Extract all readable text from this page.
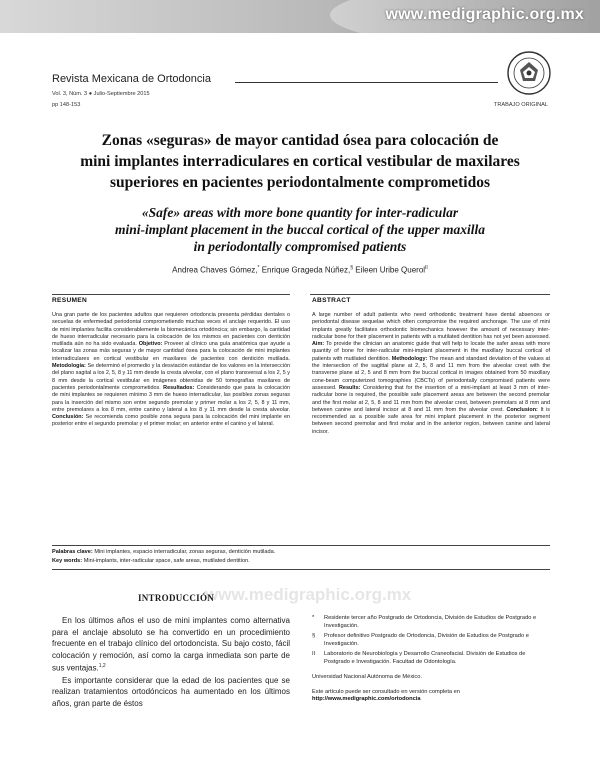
www.medigraphic.org.mx
Revista Mexicana de Ortodoncia
Vol. 3, Núm. 3 ● Julio-Septiembre 2015
pp 148-153	TRABAJO ORIGINAL
Zonas «seguras» de mayor cantidad ósea para colocación de
mini implantes interradiculares en cortical vestibular de maxilares
superiores en pacientes periodontalmente comprometidos
«Safe» areas with more bone quantity for inter-radicular
mini-implant placement in the buccal cortical of the upper maxilla
in periodontally compromised patients
Andrea Chaves Gómez,* Enrique Grageda Núñez,§ Eileen Uribe Querol$^{II}$
RESUMEN	ABSTRACT
Una gran parte de los pacientes adultos que requieren ortodoncia presenta pérdidas dentales o secuelas de enfermedad periodontal comprometiendo muchas veces el anclaje requerido. El uso de mini implantes facilita considerablemente la biomecánica ortodóncica; sin embargo, la cantidad de hueso interradicular necesario para la colocación de los mismos en pacientes con dentición mutilada aún no ha sido evaluada. Objetivo: Proveer al clínico una guía anatómica que ayude a localizar las zonas más seguras y de mayor cantidad ósea para la colocación de mini implantes interradiculares en cortical vestibular en maxilares de pacientes con dentición mutilada. Metodología: Se determinó el promedio y la desviación estándar de los valores en la intersección del plano sagital a los 2, 5, 8 y 11 mm desde la cresta alveolar, con el plano transversal a los 2, 5 y 8 mm desde la cortical vestibular en imágenes obtenidas de 50 tomografías maxilares de pacientes periodontalmente comprometidos. Resultados: Considerando que para la colocación de mini implantes se requieren mínimo 3 mm de hueso interradicular, las posibles zonas seguras para la inserción del mismo son entre segundo premolar y primer molar a los 2, 5, 8 y 11 mm, entre premolares a los 8 mm, entre canino y lateral a los 8 y 11 mm desde la cresta alveolar. Conclusión: Se recomienda como posible zona segura para la colocación del mini implante en posterior entre el segundo premolar y el primer molar; en anterior entre el canino y el lateral.
A large number of adult patients who need orthodontic treatment have dental absences or periodontal disease sequelae which often compromise the required anchorage. The use of mini implants greatly facilitates orthodontic biomechanics however the amount of necessary inter-radicular bone for their placement in patients with a mutilated dentition has not yet been assessed. Aim: To provide the clinician an anatomic guide that will help to locate the safer areas with more quantity of bone for inter-radicular mini-implant placement in the maxillary buccal cortical of patients with mutilated dentition. Methodology: The mean and standard deviation of the values at the intersection of the sagittal plane at 2, 5, 8 and 11 mm from the alveolar crest with the transverse plane at 2, 5 and 8 mm from the buccal cortical in images obtained from 50 maxillary cone-beam computerized tomographies (CBCTs) of periodontally compromised patients were assessed. Results: Considering that for the insertion of a mini-implant at least 3 mm of inter-radicular bone is required, the possible safe placement areas are between the second premolar and the first molar at 2, 5, 8 and 11 mm from the alveolar crest, between premolars at 8 mm and between canine and lateral incisor at 8 and 11 mm from the alveolar crest. Conclusion: It is recommended as a possible safe area for mini implant placement in the posterior segment between second premolar and first molar and in the anterior region, between canine and lateral incisor.
Palabras clave: Mini implantes, espacio interradicular, zonas seguras, dentición mutilada.
Key words: Mini-implants, inter-radicular space, safe areas, mutilated dentition.
www.medigraphic.org.mx
INTRODUCCIÓN

En los últimos años el uso de mini implantes como alternativa para el anclaje absoluto se ha convertido en un procedimiento frecuente en el trabajo clínico del ortodoncista. Su bajo costo, fácil colocación y remoción, así como la carga inmediata son parte de sus ventajas.$^{1,2}$

Es importante considerar que la edad de los pacientes que se realizan tratamientos ortodóncicos ha aumentado en los últimos años, gran parte de éstos

* Residente tercer año Postgrado de Ortodoncia, División de Estudios de Postgrado e Investigación.
§ Profesor definitivo Postgrado de Ortodoncia, División de Estudios de Postgrado e Investigación.
II Laboratorio de Neurobiología y Desarrollo Craneofacial. División de Estudios de Postgrado e Investigación. Facultad de Odontología.
Universidad Nacional Autónoma de México.
Este artículo puede ser consultado en versión completa en
http://www.medigraphic.com/ortodoncia
